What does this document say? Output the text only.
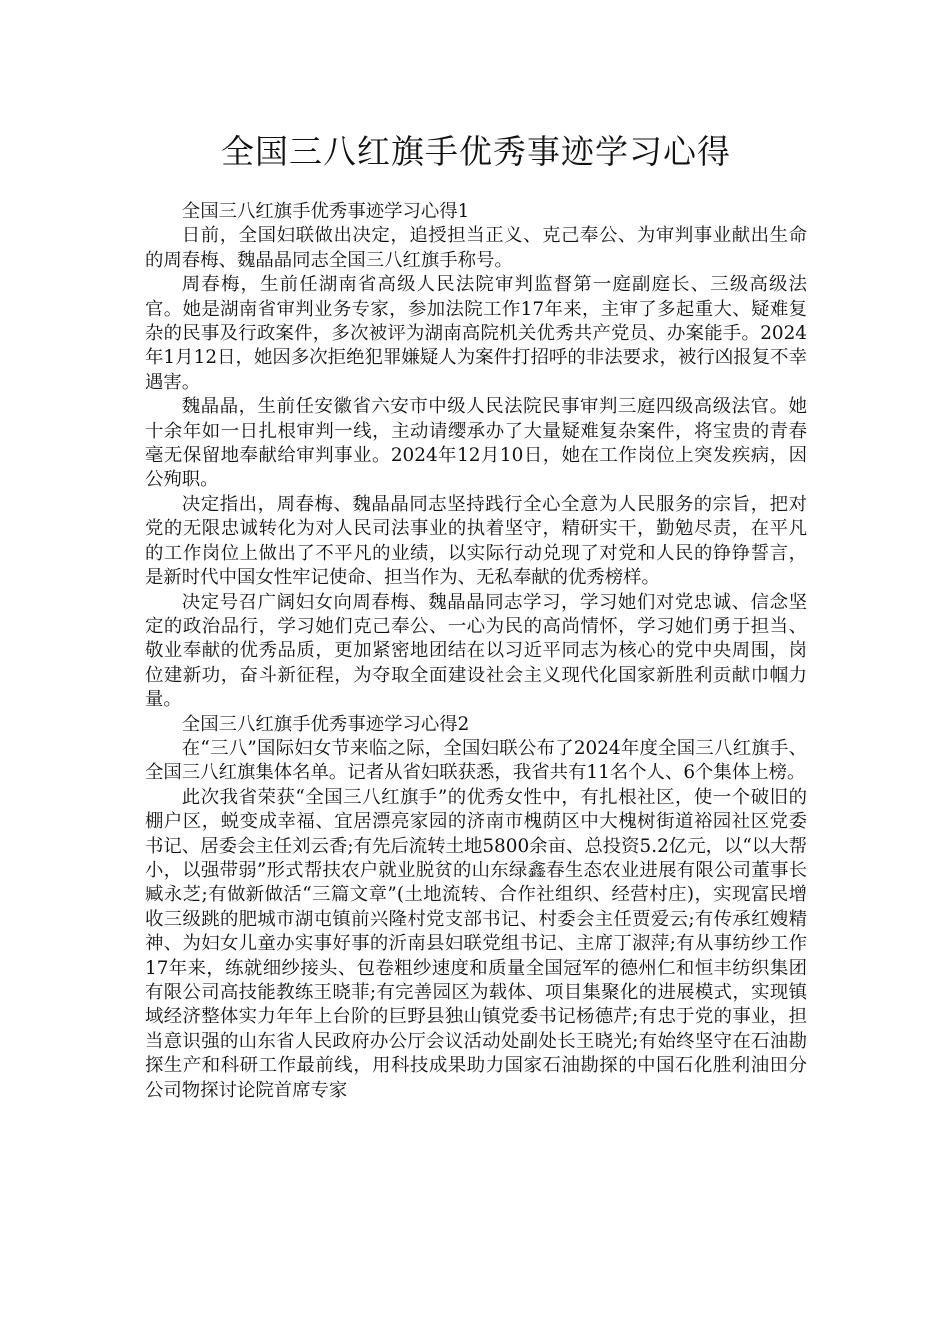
全国三八红旗手优秀事迹学习心得

全国三八红旗手优秀事迹学习心得1

日前，全国妇联做出决定，追授担当正义、克己奉公、为审判事业献出生命的周春梅、魏晶晶同志全国三八红旗手称号。

周春梅，生前任湖南省高级人民法院审判监督第一庭副庭长、三级高级法官。她是湖南省审判业务专家，参加法院工作17年来，主审了多起重大、疑难复杂的民事及行政案件，多次被评为湖南高院机关优秀共产党员、办案能手。2024年1月12日，她因多次拒绝犯罪嫌疑人为案件打招呼的非法要求，被行凶报复不幸遇害。

魏晶晶，生前任安徽省六安市中级人民法院民事审判三庭四级高级法官。她十余年如一日扎根审判一线，主动请缨承办了大量疑难复杂案件，将宝贵的青春毫无保留地奉献给审判事业。2024年12月10日，她在工作岗位上突发疾病，因公殉职。

决定指出，周春梅、魏晶晶同志坚持践行全心全意为人民服务的宗旨，把对党的无限忠诚转化为对人民司法事业的执着坚守，精研实干，勤勉尽责，在平凡的工作岗位上做出了不平凡的业绩，以实际行动兑现了对党和人民的铮铮誓言，是新时代中国女性牢记使命、担当作为、无私奉献的优秀榜样。

决定号召广阔妇女向周春梅、魏晶晶同志学习，学习她们对党忠诚、信念坚定的政治品行，学习她们克己奉公、一心为民的高尚情怀，学习她们勇于担当、敬业奉献的优秀品质，更加紧密地团结在以习近平同志为核心的党中央周围，岗位建新功，奋斗新征程，为夺取全面建设社会主义现代化国家新胜利贡献巾帼力量。

全国三八红旗手优秀事迹学习心得2

在“三八”国际妇女节来临之际，全国妇联公布了2024年度全国三八红旗手、全国三八红旗集体名单。记者从省妇联获悉，我省共有11名个人、6个集体上榜。

此次我省荣获“全国三八红旗手”的优秀女性中，有扎根社区，使一个破旧的棚户区，蜕变成幸福、宜居漂亮家园的济南市槐荫区中大槐树街道裕园社区党委书记、居委会主任刘云香;有先后流转土地5800余亩、总投资5.2亿元，以“以大帮小，以强带弱”形式帮扶农户就业脱贫的山东绿鑫春生态农业进展有限公司董事长臧永芝;有做新做活“三篇文章”(土地流转、合作社组织、经营村庄)，实现富民增收三级跳的肥城市湖屯镇前兴隆村党支部书记、村委会主任贾爱云;有传承红嫂精神、为妇女儿童办实事好事的沂南县妇联党组书记、主席丁淑萍;有从事纺纱工作17年来，练就细纱接头、包卷粗纱速度和质量全国冠军的德州仁和恒丰纺织集团有限公司高技能教练王晓菲;有完善园区为载体、项目集聚化的进展模式，实现镇域经济整体实力年年上台阶的巨野县独山镇党委书记杨德芹;有忠于党的事业，担当意识强的山东省人民政府办公厅会议活动处副处长王晓光;有始终坚守在石油勘探生产和科研工作最前线，用科技成果助力国家石油勘探的中国石化胜利油田分公司物探讨论院首席专家
